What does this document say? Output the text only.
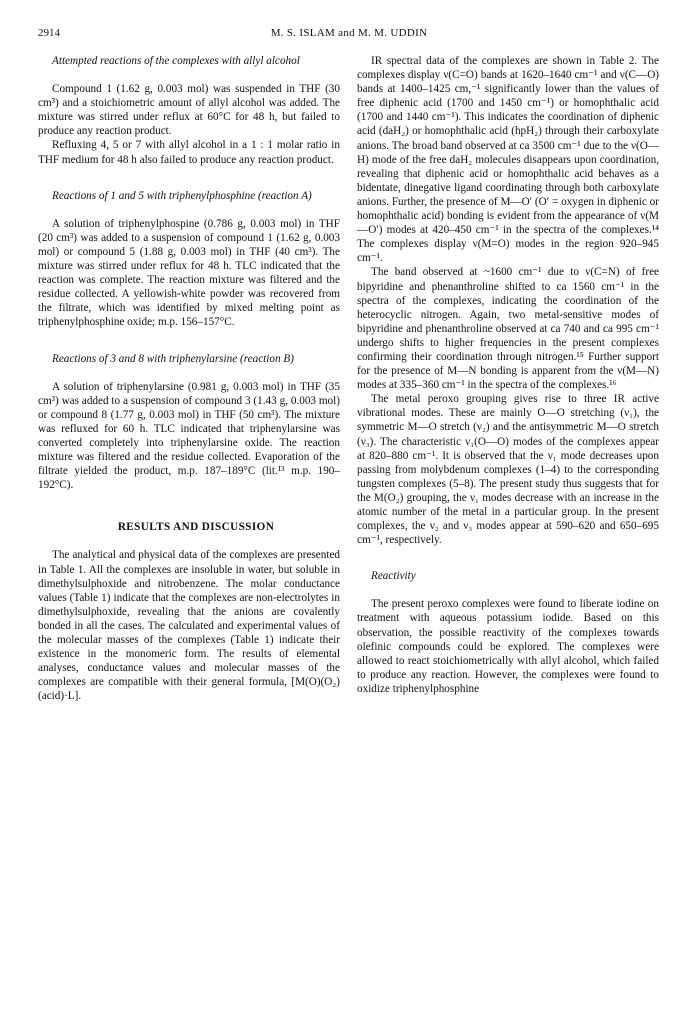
2914	M. S. ISLAM and M. M. UDDIN

Attempted reactions of the complexes with allyl alcohol

Compound 1 (1.62 g, 0.003 mol) was suspended in THF (30 cm³) and a stoichiometric amount of allyl alcohol was added. The mixture was stirred under reflux at 60°C for 48 h, but failed to produce any reaction product.

Refluxing 4, 5 or 7 with allyl alcohol in a 1 : 1 molar ratio in THF medium for 48 h also failed to produce any reaction product.

Reactions of 1 and 5 with triphenylphosphine (reaction A)

A solution of triphenylphospine (0.786 g, 0.003 mol) in THF (20 cm³) was added to a suspension of compound 1 (1.62 g, 0.003 mol) or compound 5 (1.88 g, 0.003 mol) in THF (40 cm³). The mixture was stirred under reflux for 48 h. TLC indicated that the reaction was complete. The reaction mixture was filtered and the residue collected. A yellowish-white powder was recovered from the filtrate, which was identified by mixed melting point as triphenylphosphine oxide; m.p. 156–157°C.

Reactions of 3 and 8 with triphenylarsine (reaction B)

A solution of triphenylarsine (0.981 g, 0.003 mol) in THF (35 cm³) was added to a suspension of compound 3 (1.43 g, 0.003 mol) or compound 8 (1.77 g, 0.003 mol) in THF (50 cm³). The mixture was refluxed for 60 h. TLC indicated that triphenylarsine was converted completely into triphenylarsine oxide. The reaction mixture was filtered and the residue collected. Evaporation of the filtrate yielded the product, m.p. 187–189°C (lit.¹³ m.p. 190–192°C).

RESULTS AND DISCUSSION

The analytical and physical data of the complexes are presented in Table 1. All the complexes are insoluble in water, but soluble in dimethylsulphoxide and nitrobenzene. The molar conductance values (Table 1) indicate that the complexes are non-electrolytes in dimethylsulphoxide, revealing that the anions are covalently bonded in all the cases. The calculated and experimental values of the molecular masses of the complexes (Table 1) indicate their existence in the monomeric form. The results of elemental analyses, conductance values and molecular masses of the complexes are compatible with their general formula, [M(O)(O₂)(acid)·L].

IR spectral data of the complexes are shown in Table 2. The complexes display ν(C=O) bands at 1620–1640 cm⁻¹ and ν(C—O) bands at 1400–1425 cm,⁻¹ significantly lower than the values of free diphenic acid (1700 and 1450 cm⁻¹) or homophthalic acid (1700 and 1440 cm⁻¹). This indicates the coordination of diphenic acid (daH₂) or homophthalic acid (hpH₂) through their carboxylate anions. The broad band observed at ca 3500 cm⁻¹ due to the ν(O—H) mode of the free daH₂ molecules disappears upon coordination, revealing that diphenic acid or homophthalic acid behaves as a bidentate, dinegative ligand coordinating through both carboxylate anions. Further, the presence of M—O′ (O′ = oxygen in diphenic or homophthalic acid) bonding is evident from the appearance of ν(M—O′) modes at 420–450 cm⁻¹ in the spectra of the complexes.¹⁴ The complexes display ν(M=O) modes in the region 920–945 cm⁻¹.

The band observed at ~1600 cm⁻¹ due to ν(C=N) of free bipyridine and phenanthroline shifted to ca 1560 cm⁻¹ in the spectra of the complexes, indicating the coordination of the heterocyclic nitrogen. Again, two metal-sensitive modes of bipyridine and phenanthroline observed at ca 740 and ca 995 cm⁻¹ undergo shifts to higher frequencies in the present complexes confirming their coordination through nitrogen.¹⁵ Further support for the presence of M—N bonding is apparent from the ν(M—N) modes at 335–360 cm⁻¹ in the spectra of the complexes.¹⁶

The metal peroxo grouping gives rise to three IR active vibrational modes. These are mainly O—O stretching (ν₁), the symmetric M—O stretch (ν₂) and the antisymmetric M—O stretch (ν₃). The characteristic ν₁(O—O) modes of the complexes appear at 820–880 cm⁻¹. It is observed that the ν₁ mode decreases upon passing from molybdenum complexes (1–4) to the corresponding tungsten complexes (5–8). The present study thus suggests that for the M(O₂) grouping, the ν₁ modes decrease with an increase in the atomic number of the metal in a particular group. In the present complexes, the ν₂ and ν₃ modes appear at 590–620 and 650–695 cm⁻¹, respectively.

Reactivity

The present peroxo complexes were found to liberate iodine on treatment with aqueous potassium iodide. Based on this observation, the possible reactivity of the complexes towards olefinic compounds could be explored. The complexes were allowed to react stoichiometrically with allyl alcohol, which failed to produce any reaction. However, the complexes were found to oxidize triphenylphosphine
